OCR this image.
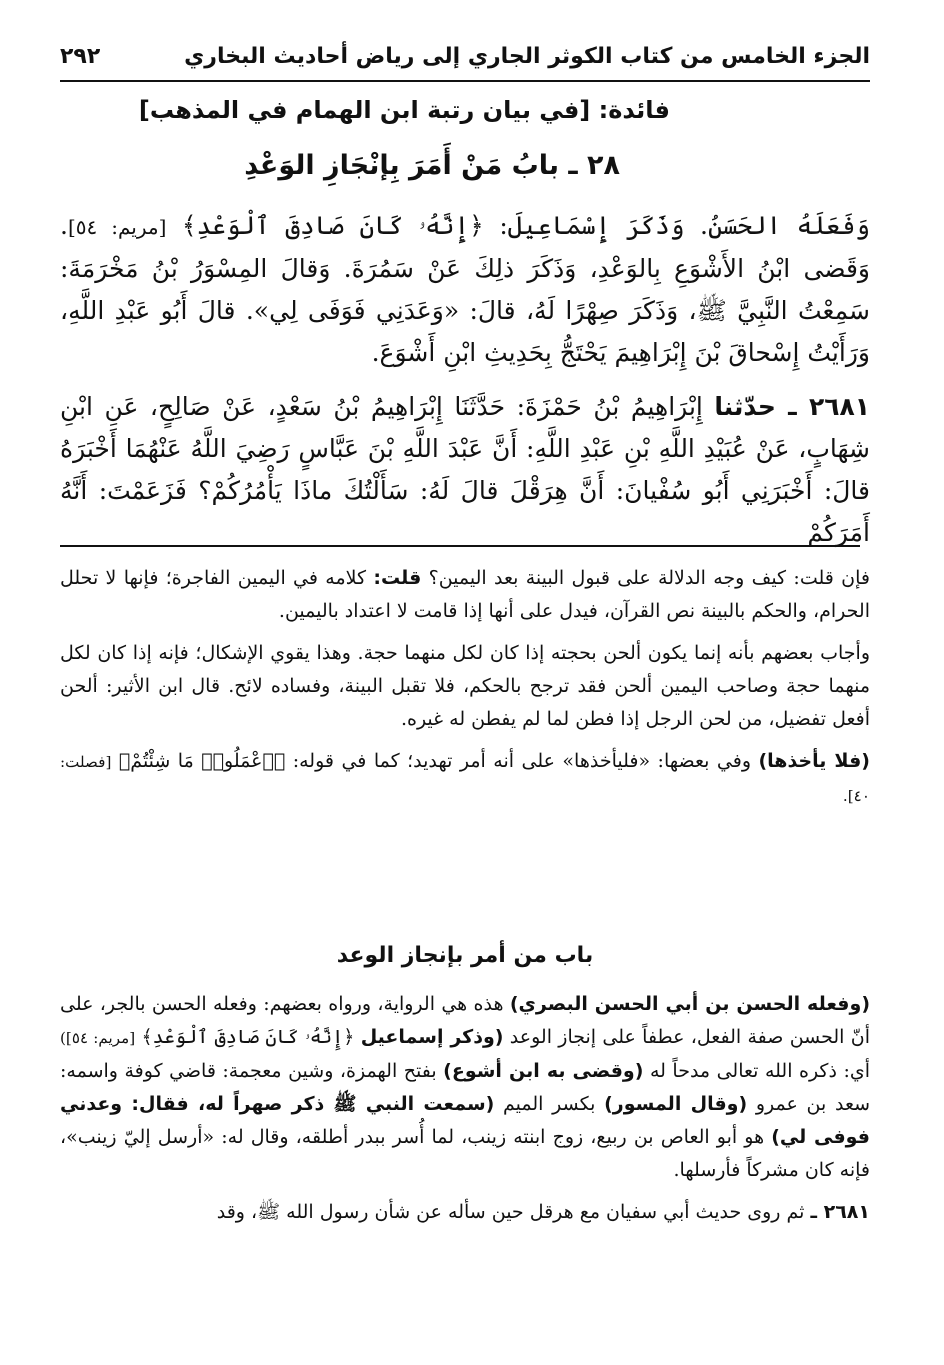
الجزء الخامس من كتاب الكوثر الجاري إلى رياض أحاديث البخاري
٢٩٢
فائدة: [في بيان رتبة ابن الهمام في المذهب]
٢٨ ـ بابُ مَنْ أَمَرَ بِإنْجَازِ الوَعْدِ

وَفَعَلَهُ الحَسَنُ. وَذَكَرَ إِسْمَاعِيلَ: ﴿إِنَّهُۥ كَانَ صَادِقَ ٱلْوَعْدِ﴾ [مريم: ٥٤]. وَقَضى ابْنُ الأَشْوَعِ بِالوَعْدِ، وَذَكَرَ ذلِكَ عَنْ سَمُرَةَ. وَقالَ المِسْوَرُ بْنُ مَخْرَمَةَ: سَمِعْتُ النَّبِيَّ ﷺ، وَذَكَرَ صِهْرًا لَهُ، قالَ: «وَعَدَنِي فَوَفَى لِي». قالَ أَبُو عَبْدِ اللَّهِ، وَرَأَيْتُ إِسْحاقَ بْنَ إِبْرَاهِيمَ يَحْتَجُّ بِحَدِيثِ ابْنِ أَشْوَعَ.

٢٦٨١ ـ حدّثنا إِبْرَاهِيمُ بْنُ حَمْزَةَ: حَدَّثَنَا إِبْرَاهِيمُ بْنُ سَعْدٍ، عَنْ صَالِحٍ، عَنِ ابْنِ شِهَابٍ، عَنْ عُبَيْدِ اللَّهِ بْنِ عَبْدِ اللَّهِ: أَنَّ عَبْدَ اللَّهِ بْنَ عَبَّاسٍ رَضِيَ اللَّهُ عَنْهُمَا أَخْبَرَهُ قالَ: أَخْبَرَنِي أَبُو سُفْيانَ: أَنَّ هِرَقْلَ قالَ لَهُ: سَأَلْتُكَ ماذَا يَأْمُرُكُمْ؟ فَزَعَمْتَ: أَنَّهُ أَمَرَكُمْ

فإن قلت: كيف وجه الدلالة على قبول البينة بعد اليمين؟ قلت: كلامه في اليمين الفاجرة؛ فإنها لا تحلل الحرام، والحكم بالبينة نص القرآن، فيدل على أنها إذا قامت لا اعتداد باليمين.

وأجاب بعضهم بأنه إنما يكون ألحن بحجته إذا كان لكل منهما حجة. وهذا يقوي الإشكال؛ فإنه إذا كان لكل منهما حجة وصاحب اليمين ألحن فقد ترجح بالحكم، فلا تقبل البينة، وفساده لائح. قال ابن الأثير: ألحن أفعل تفضيل، من لحن الرجل إذا فطن لما لم يفطن له غيره.

(فلا يأخذها) وفي بعضها: «فليأخذها» على أنه أمر تهديد؛ كما في قوله: ﴿ٱعْمَلُوا۟ مَا شِئْتُمْ﴾ [فصلت: ٤٠].

باب من أمر بإنجاز الوعد

(وفعله الحسن بن أبي الحسن البصري) هذه هي الرواية، ورواه بعضهم: وفعله الحسن بالجر، على أنّ الحسن صفة الفعل، عطفاً على إنجاز الوعد (وذكر إسماعيل ﴿إِنَّهُۥ كَانَ صَادِقَ ٱلْوَعْدِ﴾ [مريم: ٥٤]) أي: ذكره الله تعالى مدحاً له (وقضى به ابن أشوع) بفتح الهمزة، وشين معجمة: قاضي كوفة واسمه: سعد بن عمرو (وقال المسور) بكسر الميم (سمعت النبي ﷺ ذكر صهراً له، فقال: وعدني فوفى لي) هو أبو العاص بن ربيع، زوج ابنته زينب، لما أُسر ببدر أطلقه، وقال له: «أرسل إليّ زينب»، فإنه كان مشركاً فأرسلها.

٢٦٨١ ـ ثم روى حديث أبي سفيان مع هرقل حين سأله عن شأن رسول الله ﷺ، وقد
